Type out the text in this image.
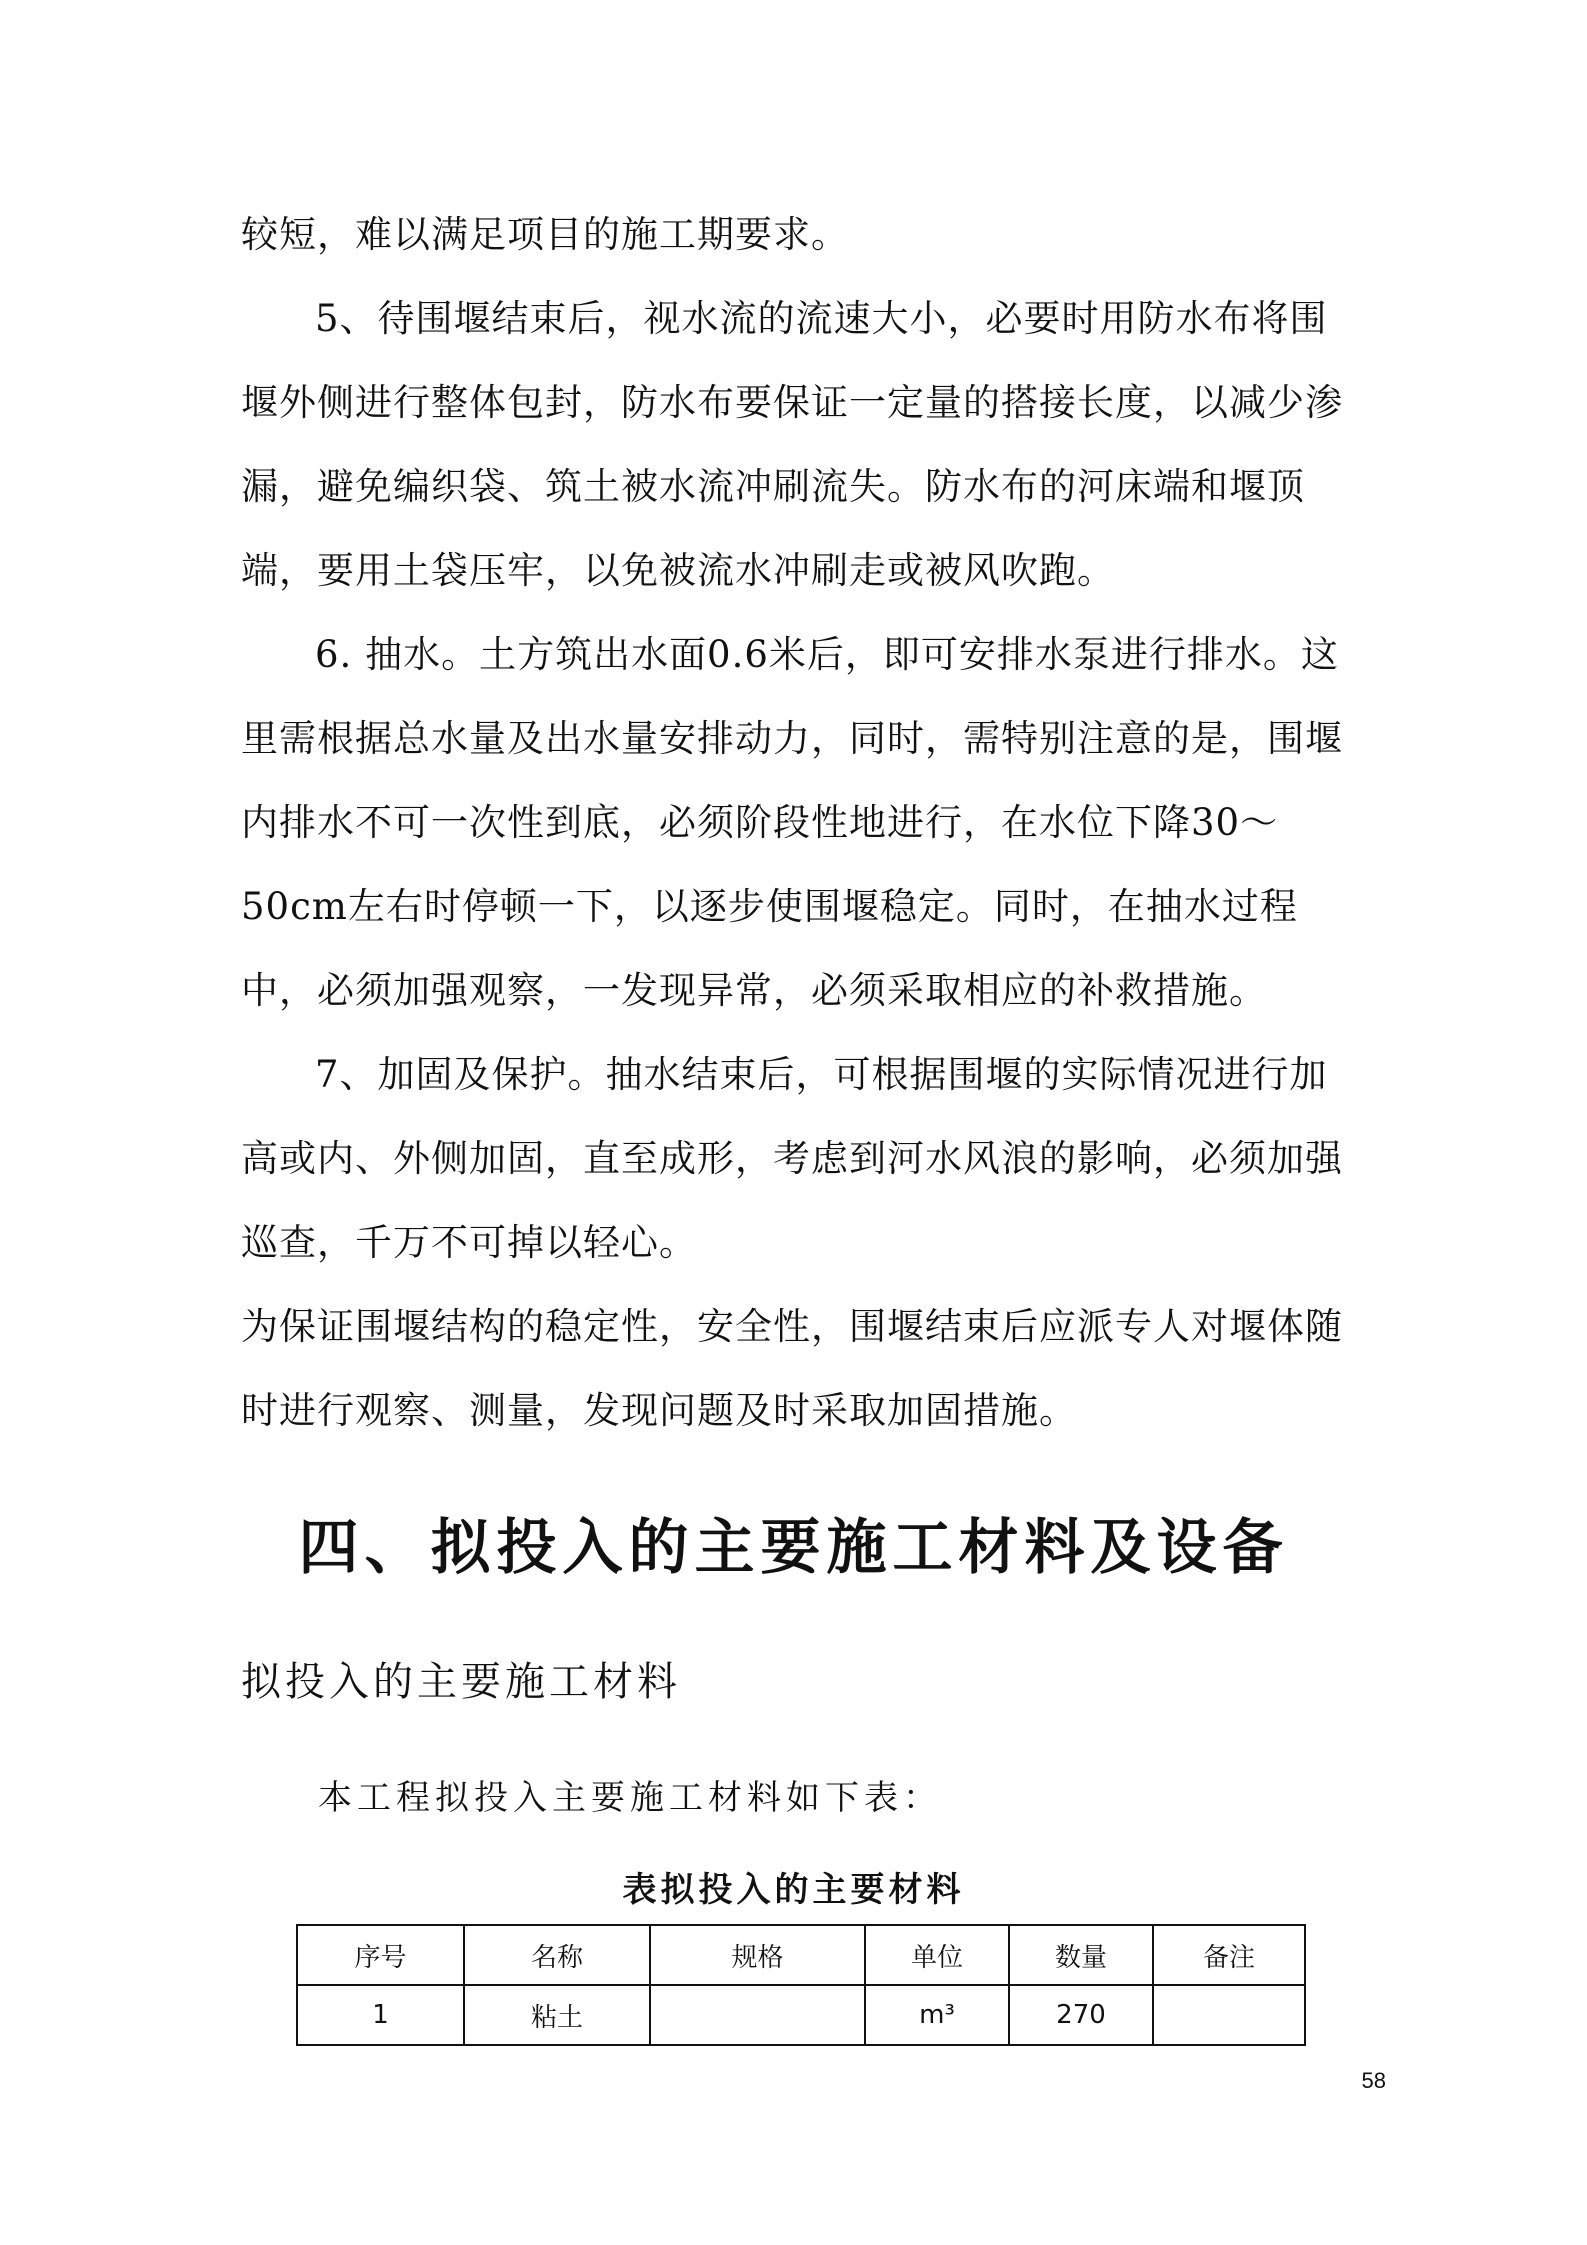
较短，难以满足项目的施工期要求。

5、待围堰结束后，视水流的流速大小，必要时用防水布将围堰外侧进行整体包封，防水布要保证一定量的搭接长度，以减少渗漏，避免编织袋、筑土被水流冲刷流失。防水布的河床端和堰顶端，要用土袋压牢，以免被流水冲刷走或被风吹跑。

6. 抽水。土方筑出水面0.6米后，即可安排水泵进行排水。这里需根据总水量及出水量安排动力，同时，需特别注意的是，围堰内排水不可一次性到底，必须阶段性地进行，在水位下降30～50cm左右时停顿一下，以逐步使围堰稳定。同时，在抽水过程中，必须加强观察，一发现异常，必须采取相应的补救措施。

7、加固及保护。抽水结束后，可根据围堰的实际情况进行加高或内、外侧加固，直至成形，考虑到河水风浪的影响，必须加强巡查，千万不可掉以轻心。

为保证围堰结构的稳定性，安全性，围堰结束后应派专人对堰体随时进行观察、测量，发现问题及时采取加固措施。

四、拟投入的主要施工材料及设备
拟投入的主要施工材料

本工程拟投入主要施工材料如下表：

表拟投入的主要材料

序号	名称	规格	单位	数量	备注
1	粘土		m³	270	

58
